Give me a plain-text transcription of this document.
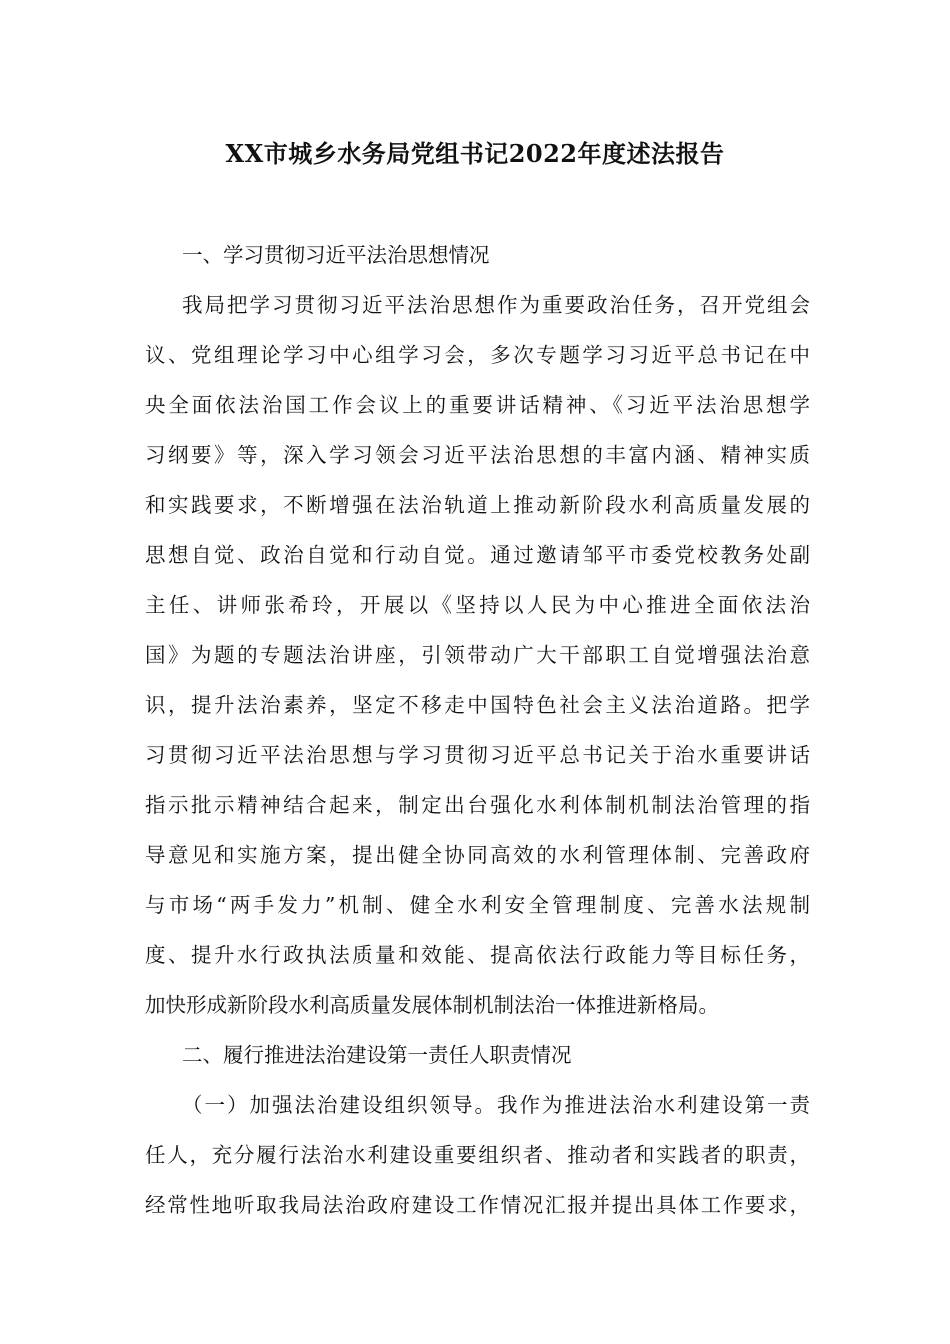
XX市城乡水务局党组书记2022年度述法报告
一、学习贯彻习近平法治思想情况
我局把学习贯彻习近平法治思想作为重要政治任务，召开党组会
议、党组理论学习中心组学习会，多次专题学习习近平总书记在中
央全面依法治国工作会议上的重要讲话精神、《习近平法治思想学
习纲要》等，深入学习领会习近平法治思想的丰富内涵、精神实质
和实践要求，不断增强在法治轨道上推动新阶段水利高质量发展的
思想自觉、政治自觉和行动自觉。通过邀请邹平市委党校教务处副
主任、讲师张希玲，开展以《坚持以人民为中心推进全面依法治
国》为题的专题法治讲座，引领带动广大干部职工自觉增强法治意
识，提升法治素养，坚定不移走中国特色社会主义法治道路。把学
习贯彻习近平法治思想与学习贯彻习近平总书记关于治水重要讲话
指示批示精神结合起来，制定出台强化水利体制机制法治管理的指
导意见和实施方案，提出健全协同高效的水利管理体制、完善政府
与市场“两手发力”机制、健全水利安全管理制度、完善水法规制
度、提升水行政执法质量和效能、提高依法行政能力等目标任务，
加快形成新阶段水利高质量发展体制机制法治一体推进新格局。
二、履行推进法治建设第一责任人职责情况
（一）加强法治建设组织领导。我作为推进法治水利建设第一责
任人，充分履行法治水利建设重要组织者、推动者和实践者的职责，
经常性地听取我局法治政府建设工作情况汇报并提出具体工作要求，
